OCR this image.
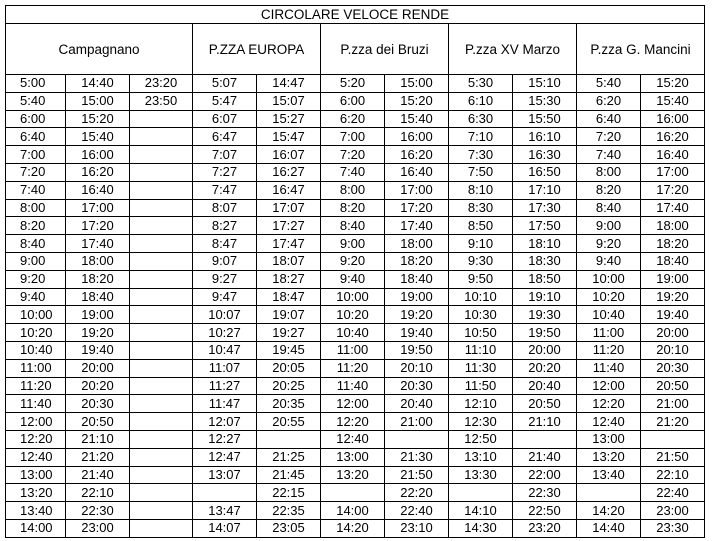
CIRCOLARE VELOCE RENDE										
Campagnano			P.ZZA EUROPA		P.zza dei Bruzi		P.zza XV Marzo		P.zza G. Mancini	
5:00	14:40	23:20	5:07	14:47	5:20	15:00	5:30	15:10	5:40	15:20
5:40	15:00	23:50	5:47	15:07	6:00	15:20	6:10	15:30	6:20	15:40
6:00	15:20		6:07	15:27	6:20	15:40	6:30	15:50	6:40	16:00
6:40	15:40		6:47	15:47	7:00	16:00	7:10	16:10	7:20	16:20
7:00	16:00		7:07	16:07	7:20	16:20	7:30	16:30	7:40	16:40
7:20	16:20		7:27	16:27	7:40	16:40	7:50	16:50	8:00	17:00
7:40	16:40		7:47	16:47	8:00	17:00	8:10	17:10	8:20	17:20
8:00	17:00		8:07	17:07	8:20	17:20	8:30	17:30	8:40	17:40
8:20	17:20		8:27	17:27	8:40	17:40	8:50	17:50	9:00	18:00
8:40	17:40		8:47	17:47	9:00	18:00	9:10	18:10	9:20	18:20
9:00	18:00		9:07	18:07	9:20	18:20	9:30	18:30	9:40	18:40
9:20	18:20		9:27	18:27	9:40	18:40	9:50	18:50	10:00	19:00
9:40	18:40		9:47	18:47	10:00	19:00	10:10	19:10	10:20	19:20
10:00	19:00		10:07	19:07	10:20	19:20	10:30	19:30	10:40	19:40
10:20	19:20		10:27	19:27	10:40	19:40	10:50	19:50	11:00	20:00
10:40	19:40		10:47	19:45	11:00	19:50	11:10	20:00	11:20	20:10
11:00	20:00		11:07	20:05	11:20	20:10	11:30	20:20	11:40	20:30
11:20	20:20		11:27	20:25	11:40	20:30	11:50	20:40	12:00	20:50
11:40	20:30		11:47	20:35	12:00	20:40	12:10	20:50	12:20	21:00
12:00	20:50		12:07	20:55	12:20	21:00	12:30	21:10	12:40	21:20
12:20	21:10		12:27		12:40		12:50		13:00	
12:40	21:20		12:47	21:25	13:00	21:30	13:10	21:40	13:20	21:50
13:00	21:40		13:07	21:45	13:20	21:50	13:30	22:00	13:40	22:10
13:20	22:10			22:15		22:20		22:30		22:40
13:40	22:30		13:47	22:35	14:00	22:40	14:10	22:50	14:20	23:00
14:00	23:00		14:07	23:05	14:20	23:10	14:30	23:20	14:40	23:30
